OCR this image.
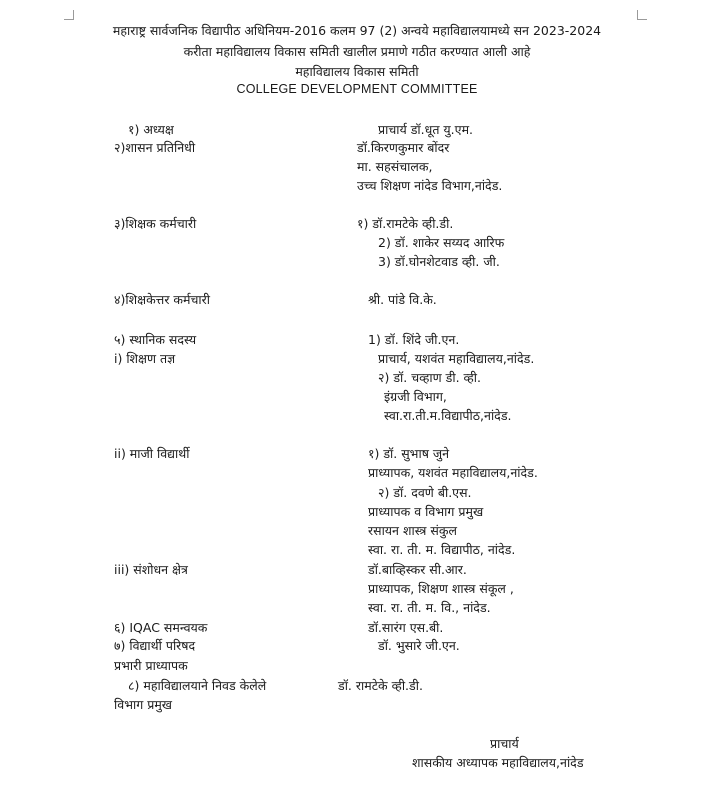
महाराष्ट्र सार्वजनिक विद्यापीठ अधिनियम-2016 कलम 97 (2) अन्वये महाविद्यालयामध्ये सन 2023-2024
करीता महाविद्यालय विकास समिती खालील प्रमाणे गठीत करण्यात आली आहे
महाविद्यालय विकास समिती
COLLEGE DEVELOPMENT COMMITTEE
१) अध्यक्ष
२)शासन प्रतिनिधी
३)शिक्षक कर्मचारी
४)शिक्षकेत्तर कर्मचारी
५) स्थानिक सदस्य
i) शिक्षण तज्ञ
ii) माजी विद्यार्थी
iii) संशोधन क्षेत्र
६) IQAC समन्वयक
७) विद्यार्थी परिषद
प्रभारी प्राध्यापक
८) महाविद्यालयाने निवड केलेले
विभाग प्रमुख
प्राचार्य डॉ.धूत यु.एम.
डॉ.किरणकुमार बोंदर
मा. सहसंचालक,
उच्च शिक्षण नांदेड विभाग,नांदेड.
१) डॉ.रामटेके व्ही.डी.
2) डॉ. शाकेर सय्यद आरिफ
3) डॉ.घोनशेटवाड व्ही. जी.
श्री. पांडे वि.के.
1) डॉ. शिंदे जी.एन.
प्राचार्य, यशवंत महाविद्यालय,नांदेड.
२) डॉ. चव्हाण डी. व्ही.
इंग्रजी विभाग,
स्वा.रा.ती.म.विद्यापीठ,नांदेड.
१) डॉ. सुभाष जुने
प्राध्यापक, यशवंत महाविद्यालय,नांदेड.
२) डॉ. दवणे बी.एस.
प्राध्यापक व विभाग प्रमुख
रसायन शास्त्र संकुल
स्वा. रा. ती. म. विद्यापीठ, नांदेड.
डॉ.बाव्हिस्कर सी.आर.
प्राध्यापक, शिक्षण शास्त्र संकूल ,
स्वा. रा. ती. म. वि., नांदेड.
डॉ.सारंग एस.बी.
डॉ. भुसारे जी.एन.
डॉ. रामटेके व्ही.डी.
प्राचार्य
शासकीय अध्यापक महाविद्यालय,नांदेड
